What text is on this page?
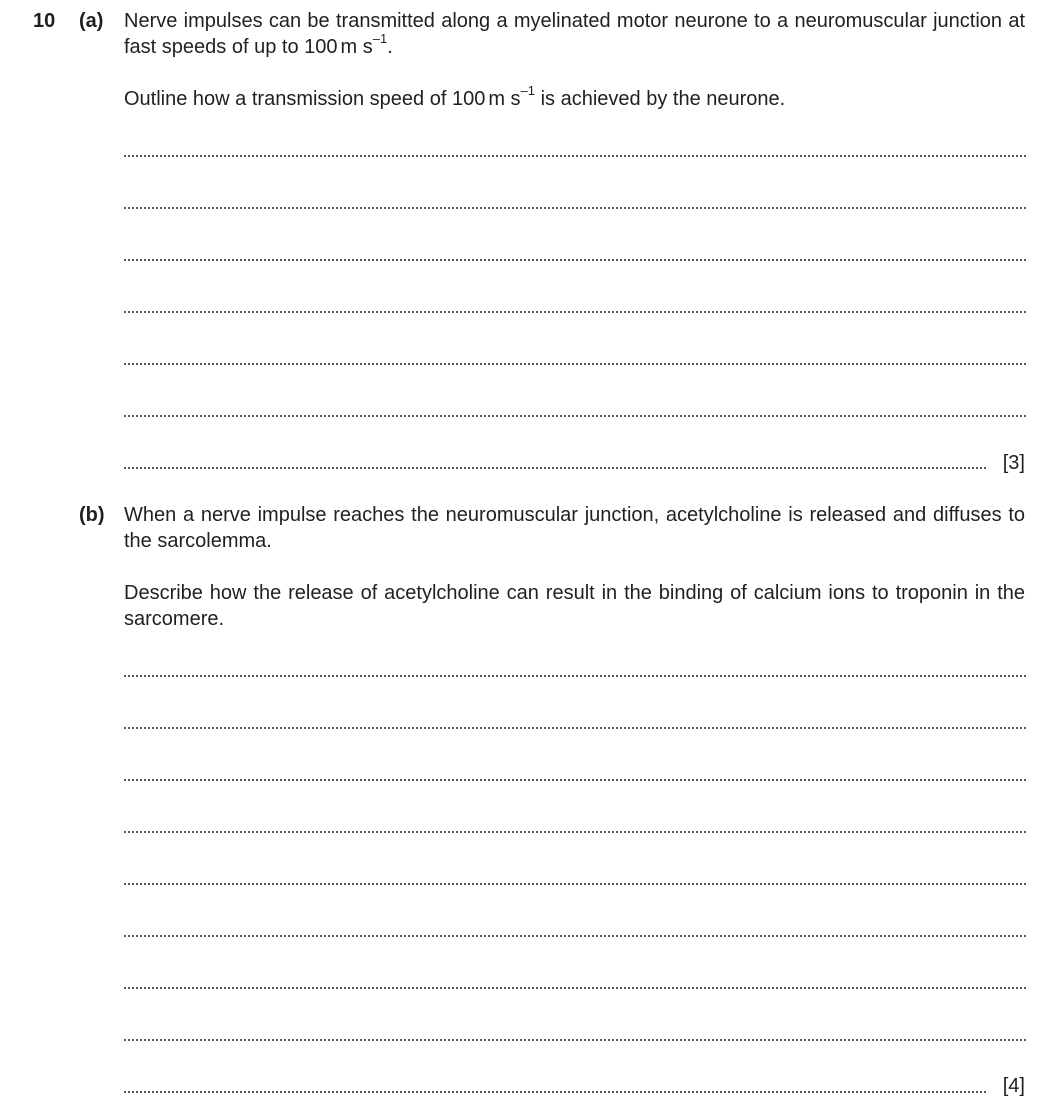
10 (a) Nerve impulses can be transmitted along a myelinated motor neurone to a neuromuscular junction at fast speeds of up to 100 m $s^{-1}$.
Outline how a transmission speed of 100 m $s^{-1}$ is achieved by the neurone.
[3]
(b) When a nerve impulse reaches the neuromuscular junction, acetylcholine is released and diffuses to the sarcolemma.
Describe how the release of acetylcholine can result in the binding of calcium ions to troponin in the sarcomere.
[4]
